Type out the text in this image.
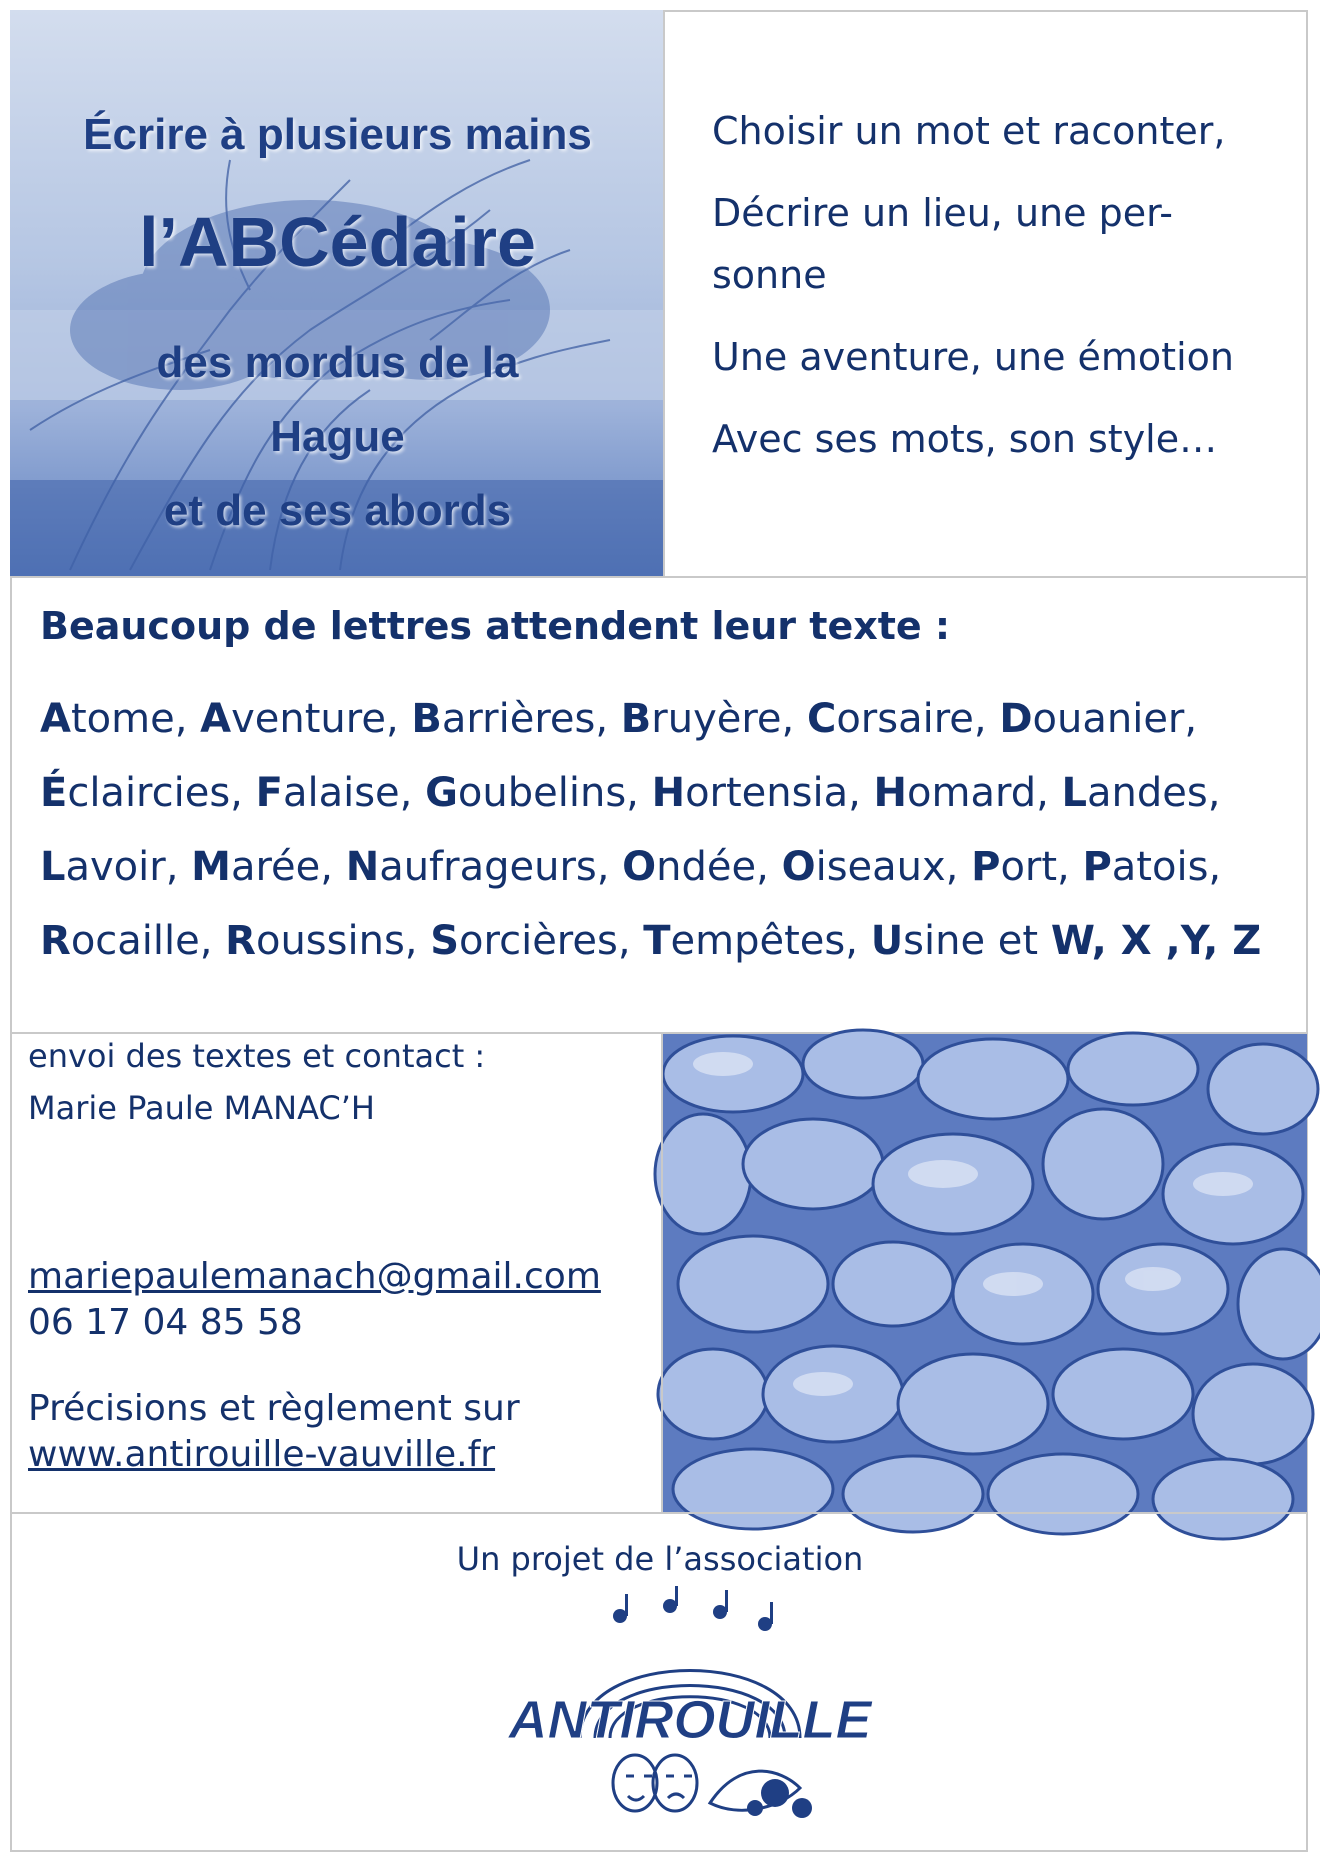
Écrire à plusieurs mains
l’ABCédaire
des mordus de la
Hague
et de ses abords

Choisir un mot et raconter,

Décrire un lieu, une per-

sonne

Une aventure, une émotion

Avec ses mots, son style…

Beaucoup de lettres attendent leur texte :
Atome, Aventure, Barrières, Bruyère, Corsaire, Douanier,
Éclaircies, Falaise, Goubelins, Hortensia, Homard, Landes,
Lavoir, Marée, Naufrageurs, Ondée, Oiseaux, Port, Patois,
Rocaille, Roussins, Sorcières, Tempêtes, Usine et W, X ,Y, Z

envoi des textes et contact :

Marie Paule MANAC’H

mariepaulemanach@gmail.com

06 17 04 85 58

Précisions et règlement sur

www.antirouille-vauville.fr

Un projet de l’association
ANTIROUILLE
